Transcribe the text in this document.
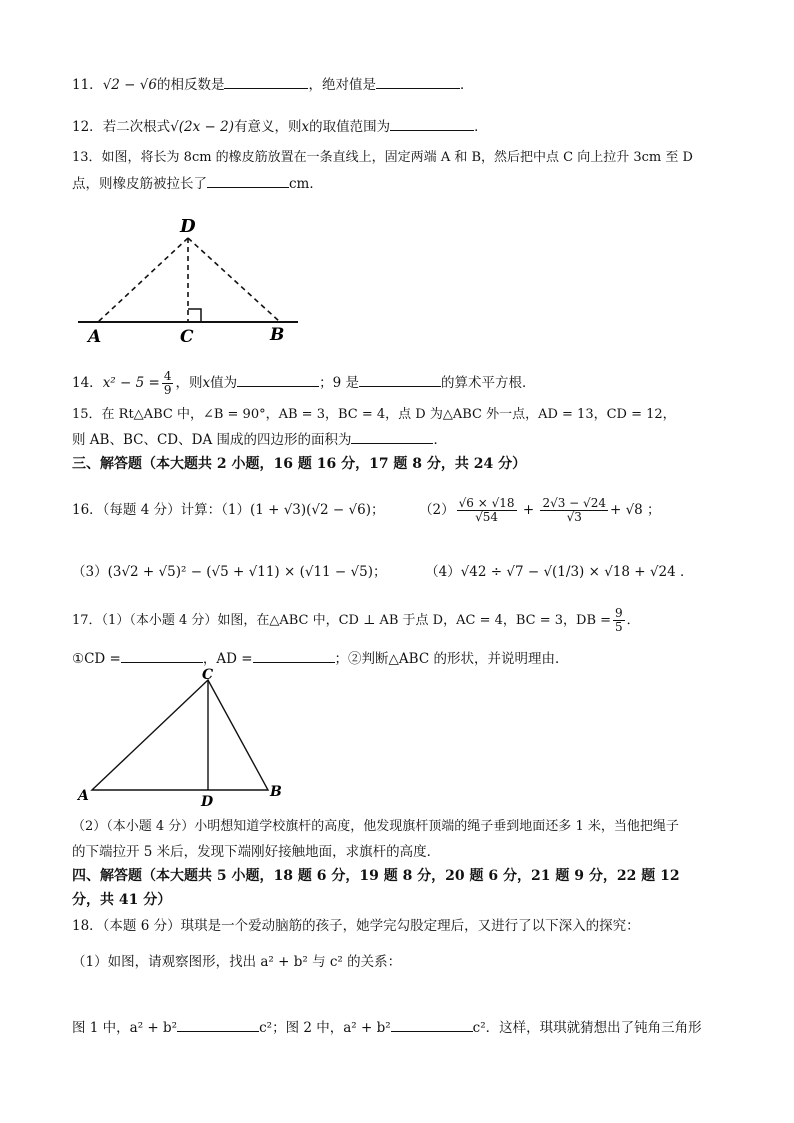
11．√2 − √6的相反数是	，绝对值是	．
12．若二次根式√(2x − 2)有意义，则x的取值范围为	．
13．如图，将长为 8cm 的橡皮筋放置在一条直线上，固定两端 A 和 B，然后把中点 C 向上拉升 3cm 至 D
点，则橡皮筋被拉长了	cm．
D
A	C	B
14．$x^2 - 5 = \frac{4}{9}$ ，则x值为	；9 是	的算术平方根．
15．在 Rt△ABC 中，∠B = 90°，AB = 3，BC = 4，点 D 为△ABC 外一点，AD = 13，CD = 12，
则 AB、BC、CD、DA 围成的四边形的面积为	．
三、解答题（本大题共 2 小题，16 题 16 分，17 题 8 分，共 24 分）
16．（每题 4 分）计算：（1）(1 + √3)(√2 − √6)；	$(2) \frac{√6 \times √18}{√54} + \frac{2√3 - √24}{√3} + √8$ ；
（3）(3√2 + √5)² − (√5 + √11) × (√11 − √5)；	（4）√42 ÷ √7 − √(1/3) × √18 + √24 ．
17．（1）（本小题 4 分）如图，在△ABC 中，CD ⊥ AB 于点 D，AC = 4，BC = 3，DB = $\frac{9}{5}$ ．
①CD =	，AD =	；②判断△ABC 的形状，并说明理由．
C
A	D
B
（2）（本小题 4 分）小明想知道学校旗杆的高度，他发现旗杆顶端的绳子垂到地面还多 1 米，当他把绳子
的下端拉开 5 米后，发现下端刚好接触地面，求旗杆的高度．
四、解答题（本大题共 5 小题，18 题 6 分，19 题 8 分，20 题 6 分，21 题 9 分，22 题 12
分，共 41 分）
18．（本题 6 分）琪琪是一个爱动脑筋的孩子，她学完勾股定理后，又进行了以下深入的探究：
（1）如图，请观察图形，找出 a² + b² 与 c² 的关系：
图 1 中，a² + b²	c²；图 2 中，a² + b²	c²．这样，琪琪就猜想出了钝角三角形
